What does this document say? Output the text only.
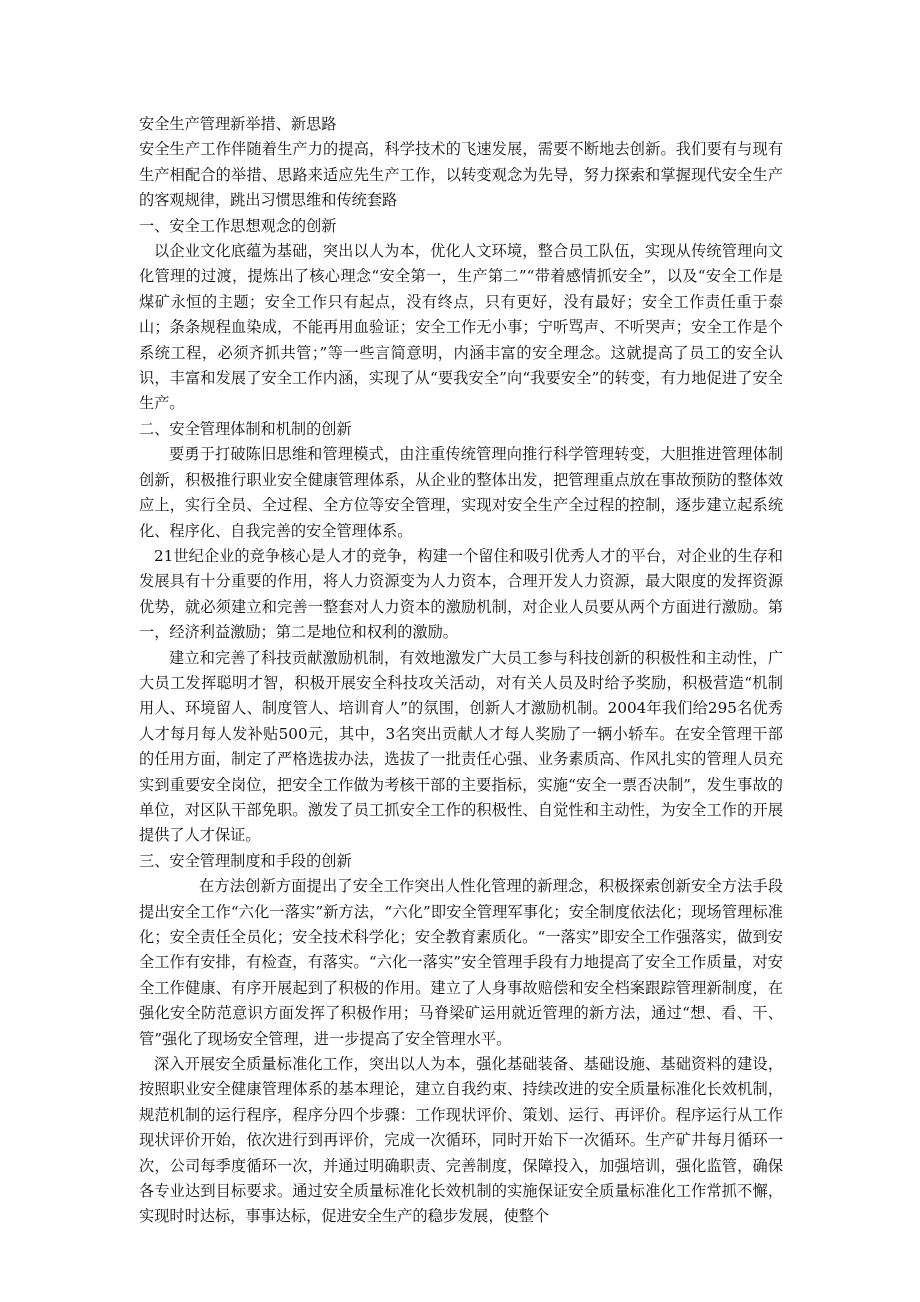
安全生产管理新举措、新思路

安全生产工作伴随着生产力的提高，科学技术的飞速发展，需要不断地去创新。我们要有与现有生产相配合的举措、思路来适应先生产工作，以转变观念为先导，努力探索和掌握现代安全生产的客观规律，跳出习惯思维和传统套路

一、安全工作思想观念的创新

以企业文化底蕴为基础，突出以人为本，优化人文环境，整合员工队伍，实现从传统管理向文化管理的过渡，提炼出了核心理念“安全第一，生产第二”“带着感情抓安全”，以及“安全工作是煤矿永恒的主题；安全工作只有起点，没有终点，只有更好，没有最好；安全工作责任重于泰山；条条规程血染成，不能再用血验证；安全工作无小事；宁听骂声、不听哭声；安全工作是个系统工程，必须齐抓共管；”等一些言简意明，内涵丰富的安全理念。这就提高了员工的安全认识，丰富和发展了安全工作内涵，实现了从“要我安全”向“我要安全”的转变，有力地促进了安全生产。

二、安全管理体制和机制的创新

要勇于打破陈旧思维和管理模式，由注重传统管理向推行科学管理转变，大胆推进管理体制创新，积极推行职业安全健康管理体系，从企业的整体出发，把管理重点放在事故预防的整体效应上，实行全员、全过程、全方位等安全管理，实现对安全生产全过程的控制，逐步建立起系统化、程序化、自我完善的安全管理体系。

21世纪企业的竞争核心是人才的竞争，构建一个留住和吸引优秀人才的平台，对企业的生存和发展具有十分重要的作用，将人力资源变为人力资本，合理开发人力资源，最大限度的发挥资源优势，就必须建立和完善一整套对人力资本的激励机制，对企业人员要从两个方面进行激励。第一，经济利益激励；第二是地位和权利的激励。

建立和完善了科技贡献激励机制，有效地激发广大员工参与科技创新的积极性和主动性，广大员工发挥聪明才智，积极开展安全科技攻关活动，对有关人员及时给予奖励，积极营造“机制用人、环境留人、制度管人、培训育人”的氛围，创新人才激励机制。2004年我们给295名优秀人才每月每人发补贴500元，其中，3名突出贡献人才每人奖励了一辆小轿车。在安全管理干部的任用方面，制定了严格选拔办法，选拔了一批责任心强、业务素质高、作风扎实的管理人员充实到重要安全岗位，把安全工作做为考核干部的主要指标，实施“安全一票否决制”，发生事故的单位，对区队干部免职。激发了员工抓安全工作的积极性、自觉性和主动性，为安全工作的开展提供了人才保证。

三、安全管理制度和手段的创新

在方法创新方面提出了安全工作突出人性化管理的新理念，积极探索创新安全方法手段提出安全工作“六化一落实”新方法，“六化”即安全管理军事化；安全制度依法化；现场管理标准化；安全责任全员化；安全技术科学化；安全教育素质化。“一落实”即安全工作强落实，做到安全工作有安排，有检查，有落实。“六化一落实”安全管理手段有力地提高了安全工作质量，对安全工作健康、有序开展起到了积极的作用。建立了人身事故赔偿和安全档案跟踪管理新制度，在强化安全防范意识方面发挥了积极作用；马脊梁矿运用就近管理的新方法，通过“想、看、干、管”强化了现场安全管理，进一步提高了安全管理水平。

深入开展安全质量标准化工作，突出以人为本，强化基础装备、基础设施、基础资料的建设，按照职业安全健康管理体系的基本理论，建立自我约束、持续改进的安全质量标准化长效机制，规范机制的运行程序，程序分四个步骤：工作现状评价、策划、运行、再评价。程序运行从工作现状评价开始，依次进行到再评价，完成一次循环，同时开始下一次循环。生产矿井每月循环一次，公司每季度循环一次，并通过明确职责、完善制度，保障投入，加强培训，强化监管，确保各专业达到目标要求。通过安全质量标准化长效机制的实施保证安全质量标准化工作常抓不懈，实现时时达标，事事达标，促进安全生产的稳步发展，使整个
